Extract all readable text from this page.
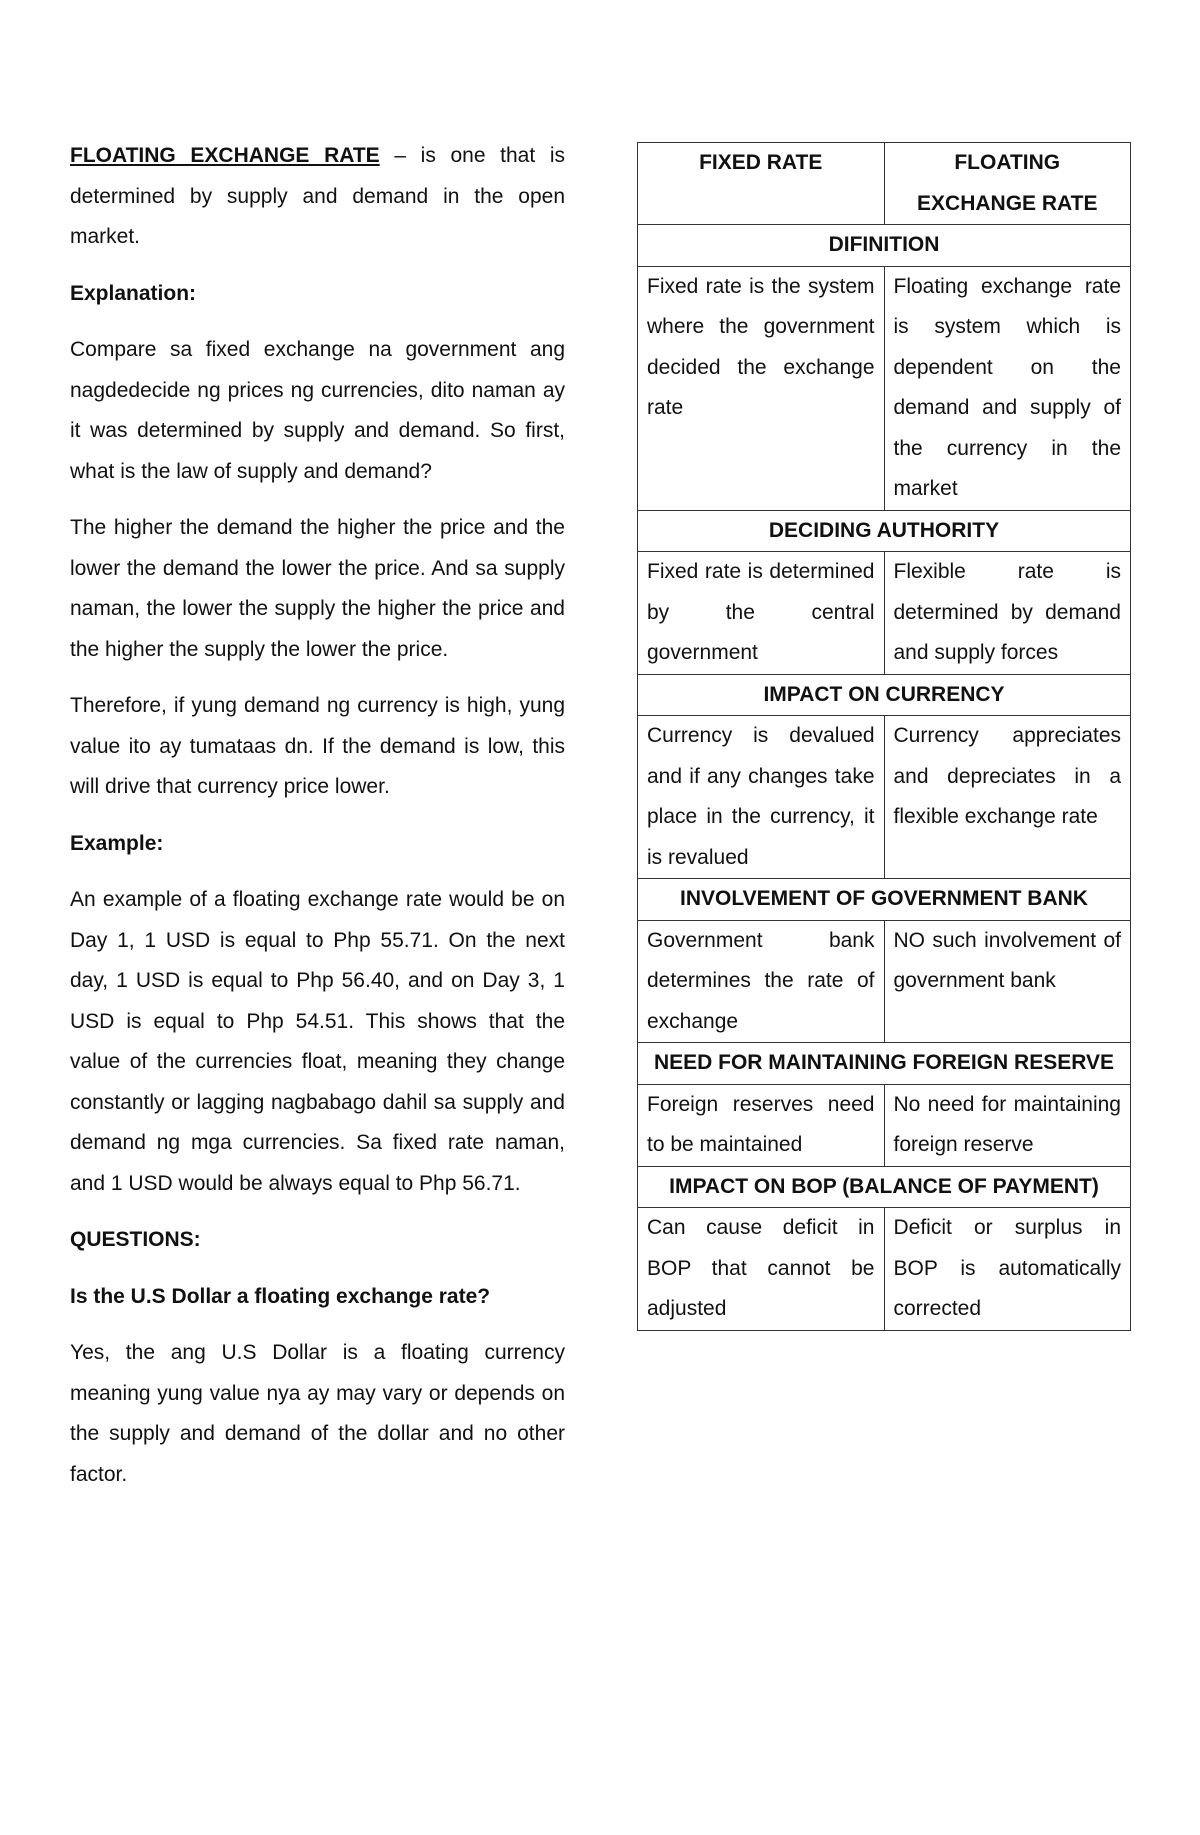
FLOATING EXCHANGE RATE – is one that is determined by supply and demand in the open market.

Explanation:

Compare sa fixed exchange na government ang nagdedecide ng prices ng currencies, dito naman ay it was determined by supply and demand. So first, what is the law of supply and demand?

The higher the demand the higher the price and the lower the demand the lower the price. And sa supply naman, the lower the supply the higher the price and the higher the supply the lower the price.

Therefore, if yung demand ng currency is high, yung value ito ay tumataas dn. If the demand is low, this will drive that currency price lower.

Example:

An example of a floating exchange rate would be on Day 1, 1 USD is equal to Php 55.71. On the next day, 1 USD is equal to Php 56.40, and on Day 3, 1 USD is equal to Php 54.51. This shows that the value of the currencies float, meaning they change constantly or lagging nagbabago dahil sa supply and demand ng mga currencies. Sa fixed rate naman, and 1 USD would be always equal to Php 56.71.

QUESTIONS:

Is the U.S Dollar a floating exchange rate?

Yes, the ang U.S Dollar is a floating currency meaning yung value nya ay may vary or depends on the supply and demand of the dollar and no other factor.

FIXED RATE	FLOATING EXCHANGE RATE
DIFINITION	
Fixed rate is the system where the government decided the exchange rate	Floating exchange rate is system which is dependent on the demand and supply of the currency in the market
DECIDING AUTHORITY	
Fixed rate is determined by the central government	Flexible rate is determined by demand and supply forces
IMPACT ON CURRENCY	
Currency is devalued and if any changes take place in the currency, it is revalued	Currency appreciates and depreciates in a flexible exchange rate
INVOLVEMENT OF GOVERNMENT BANK	
Government bank determines the rate of exchange	NO such involvement of government bank
NEED FOR MAINTAINING FOREIGN RESERVE	
Foreign reserves need to be maintained	No need for maintaining foreign reserve
IMPACT ON BOP (BALANCE OF PAYMENT)	
Can cause deficit in BOP that cannot be adjusted	Deficit or surplus in BOP is automatically corrected
